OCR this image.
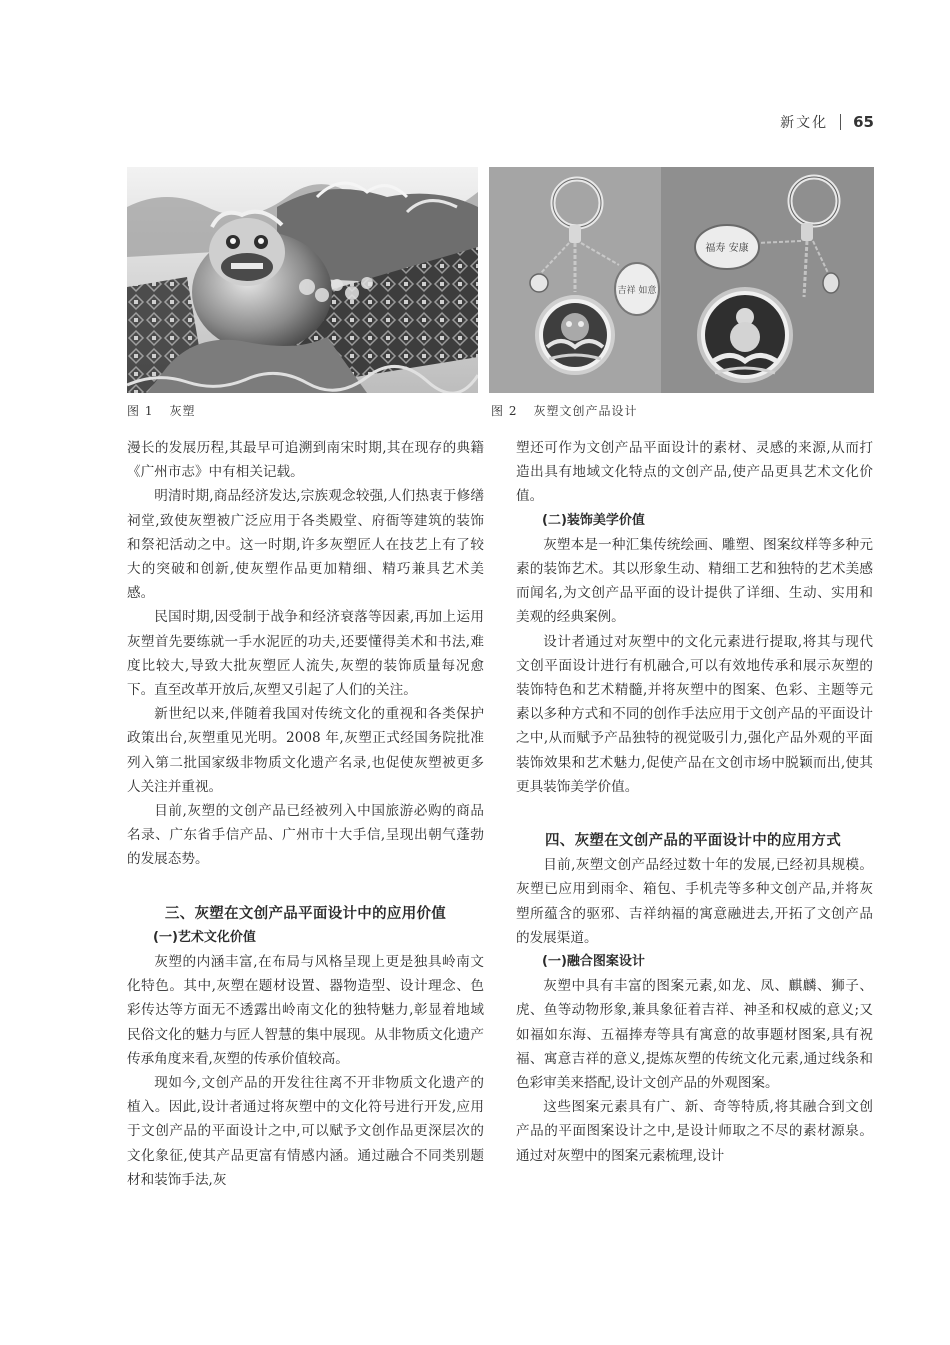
新文化 65
吉祥 如意
福寿 安康
图 1 灰塑	图 2 灰塑文创产品设计

漫长的发展历程,其最早可追溯到南宋时期,其在现存的典籍《广州市志》中有相关记载。

明清时期,商品经济发达,宗族观念较强,人们热衷于修缮祠堂,致使灰塑被广泛应用于各类殿堂、府衙等建筑的装饰和祭祀活动之中。这一时期,许多灰塑匠人在技艺上有了较大的突破和创新,使灰塑作品更加精细、精巧兼具艺术美感。

民国时期,因受制于战争和经济衰落等因素,再加上运用灰塑首先要练就一手水泥匠的功夫,还要懂得美术和书法,难度比较大,导致大批灰塑匠人流失,灰塑的装饰质量每况愈下。直至改革开放后,灰塑又引起了人们的关注。

新世纪以来,伴随着我国对传统文化的重视和各类保护政策出台,灰塑重见光明。2008 年,灰塑正式经国务院批准列入第二批国家级非物质文化遗产名录,也促使灰塑被更多人关注并重视。

目前,灰塑的文创产品已经被列入中国旅游必购的商品名录、广东省手信产品、广州市十大手信,呈现出朝气蓬勃的发展态势。

三、灰塑在文创产品平面设计中的应用价值
(一)艺术文化价值

灰塑的内涵丰富,在布局与风格呈现上更是独具岭南文化特色。其中,灰塑在题材设置、器物造型、设计理念、色彩传达等方面无不透露出岭南文化的独特魅力,彰显着地域民俗文化的魅力与匠人智慧的集中展现。从非物质文化遗产传承角度来看,灰塑的传承价值较高。

现如今,文创产品的开发往往离不开非物质文化遗产的植入。因此,设计者通过将灰塑中的文化符号进行开发,应用于文创产品的平面设计之中,可以赋予文创作品更深层次的文化象征,使其产品更富有情感内涵。通过融合不同类别题材和装饰手法,灰

塑还可作为文创产品平面设计的素材、灵感的来源,从而打造出具有地域文化特点的文创产品,使产品更具艺术文化价值。

(二)装饰美学价值

灰塑本是一种汇集传统绘画、雕塑、图案纹样等多种元素的装饰艺术。其以形象生动、精细工艺和独特的艺术美感而闻名,为文创产品平面的设计提供了详细、生动、实用和美观的经典案例。

设计者通过对灰塑中的文化元素进行提取,将其与现代文创平面设计进行有机融合,可以有效地传承和展示灰塑的装饰特色和艺术精髓,并将灰塑中的图案、色彩、主题等元素以多种方式和不同的创作手法应用于文创产品的平面设计之中,从而赋予产品独特的视觉吸引力,强化产品外观的平面装饰效果和艺术魅力,促使产品在文创市场中脱颖而出,使其更具装饰美学价值。

四、灰塑在文创产品的平面设计中的应用方式

目前,灰塑文创产品经过数十年的发展,已经初具规模。灰塑已应用到雨伞、箱包、手机壳等多种文创产品,并将灰塑所蕴含的驱邪、吉祥纳福的寓意融进去,开拓了文创产品的发展渠道。

(一)融合图案设计

灰塑中具有丰富的图案元素,如龙、凤、麒麟、狮子、虎、鱼等动物形象,兼具象征着吉祥、神圣和权威的意义;又如福如东海、五福捧寿等具有寓意的故事题材图案,具有祝福、寓意吉祥的意义,提炼灰塑的传统文化元素,通过线条和色彩审美来搭配,设计文创产品的外观图案。

这些图案元素具有广、新、奇等特质,将其融合到文创产品的平面图案设计之中,是设计师取之不尽的素材源泉。通过对灰塑中的图案元素梳理,设计
